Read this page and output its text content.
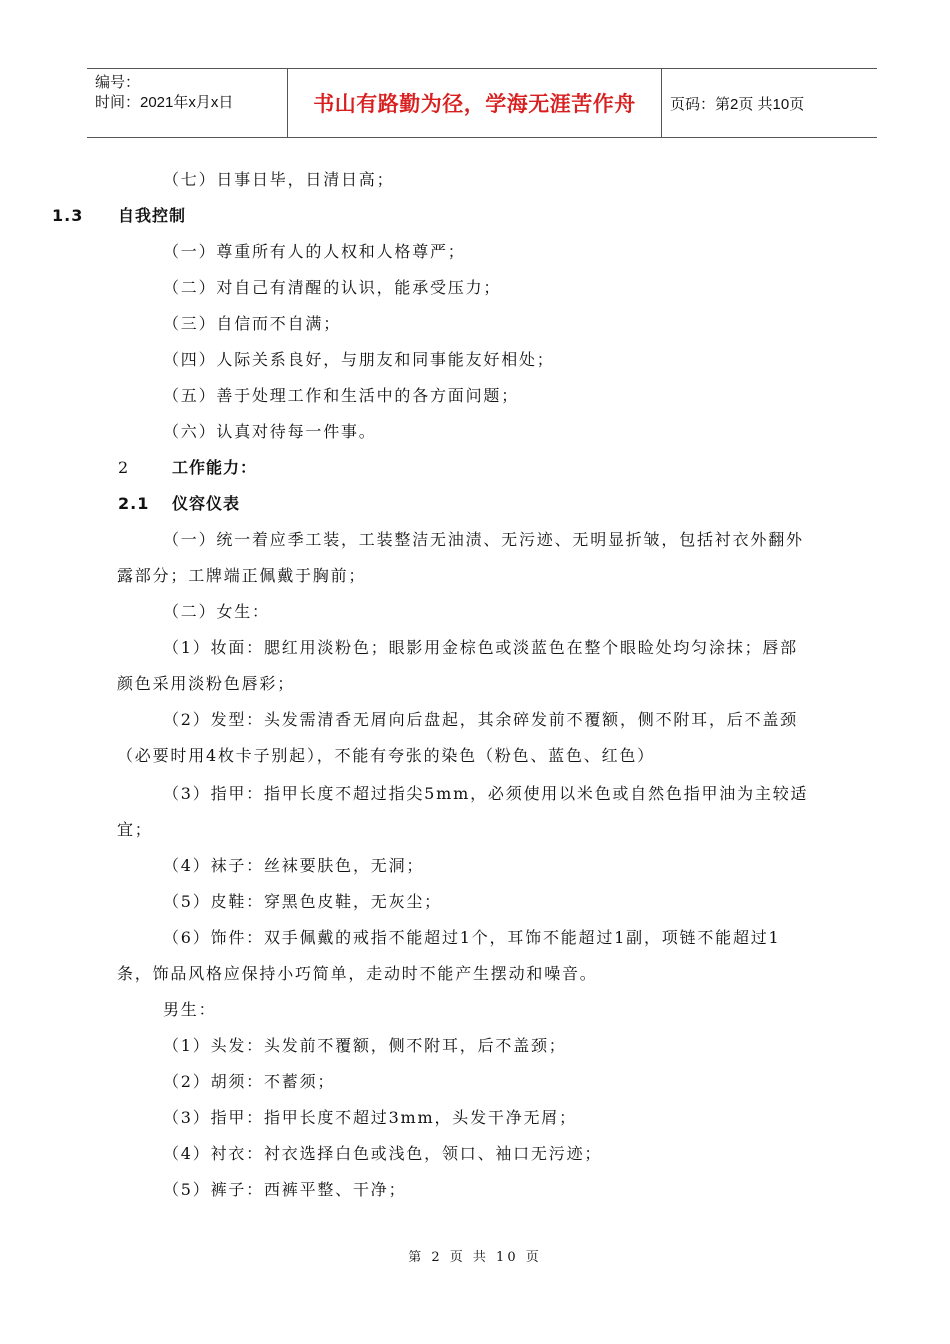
编号：
时间：2021年x月x日	书山有路勤为径，学海无涯苦作舟 页码：第2页 共10页
（七）日事日毕，日清日高；
1.3 自我控制
（一）尊重所有人的人权和人格尊严；
（二）对自己有清醒的认识，能承受压力；
（三）自信而不自满；
（四）人际关系良好，与朋友和同事能友好相处；
（五）善于处理工作和生活中的各方面问题；
（六）认真对待每一件事。
2	工作能力：
2.1 仪容仪表
（一）统一着应季工装，工装整洁无油渍、无污迹、无明显折皱，包括衬衣外翻外
露部分；工牌端正佩戴于胸前；
（二）女生：
（1）妆面：腮红用淡粉色；眼影用金棕色或淡蓝色在整个眼睑处均匀涂抹；唇部
颜色采用淡粉色唇彩；
（2）发型：头发需清香无屑向后盘起，其余碎发前不覆额，侧不附耳，后不盖颈
（必要时用4枚卡子别起），不能有夸张的染色（粉色、蓝色、红色）
（3）指甲：指甲长度不超过指尖5mm，必须使用以米色或自然色指甲油为主较适
宜；
（4）袜子：丝袜要肤色，无洞；
（5）皮鞋：穿黑色皮鞋，无灰尘；
（6）饰件：双手佩戴的戒指不能超过1个，耳饰不能超过1副，项链不能超过1
条，饰品风格应保持小巧简单，走动时不能产生摆动和噪音。
男生：
（1）头发：头发前不覆额，侧不附耳，后不盖颈；
（2）胡须：不蓄须；
（3）指甲：指甲长度不超过3mm，头发干净无屑；
（4）衬衣：衬衣选择白色或浅色，领口、袖口无污迹；
（5）裤子：西裤平整、干净；
第 2 页 共 10 页
